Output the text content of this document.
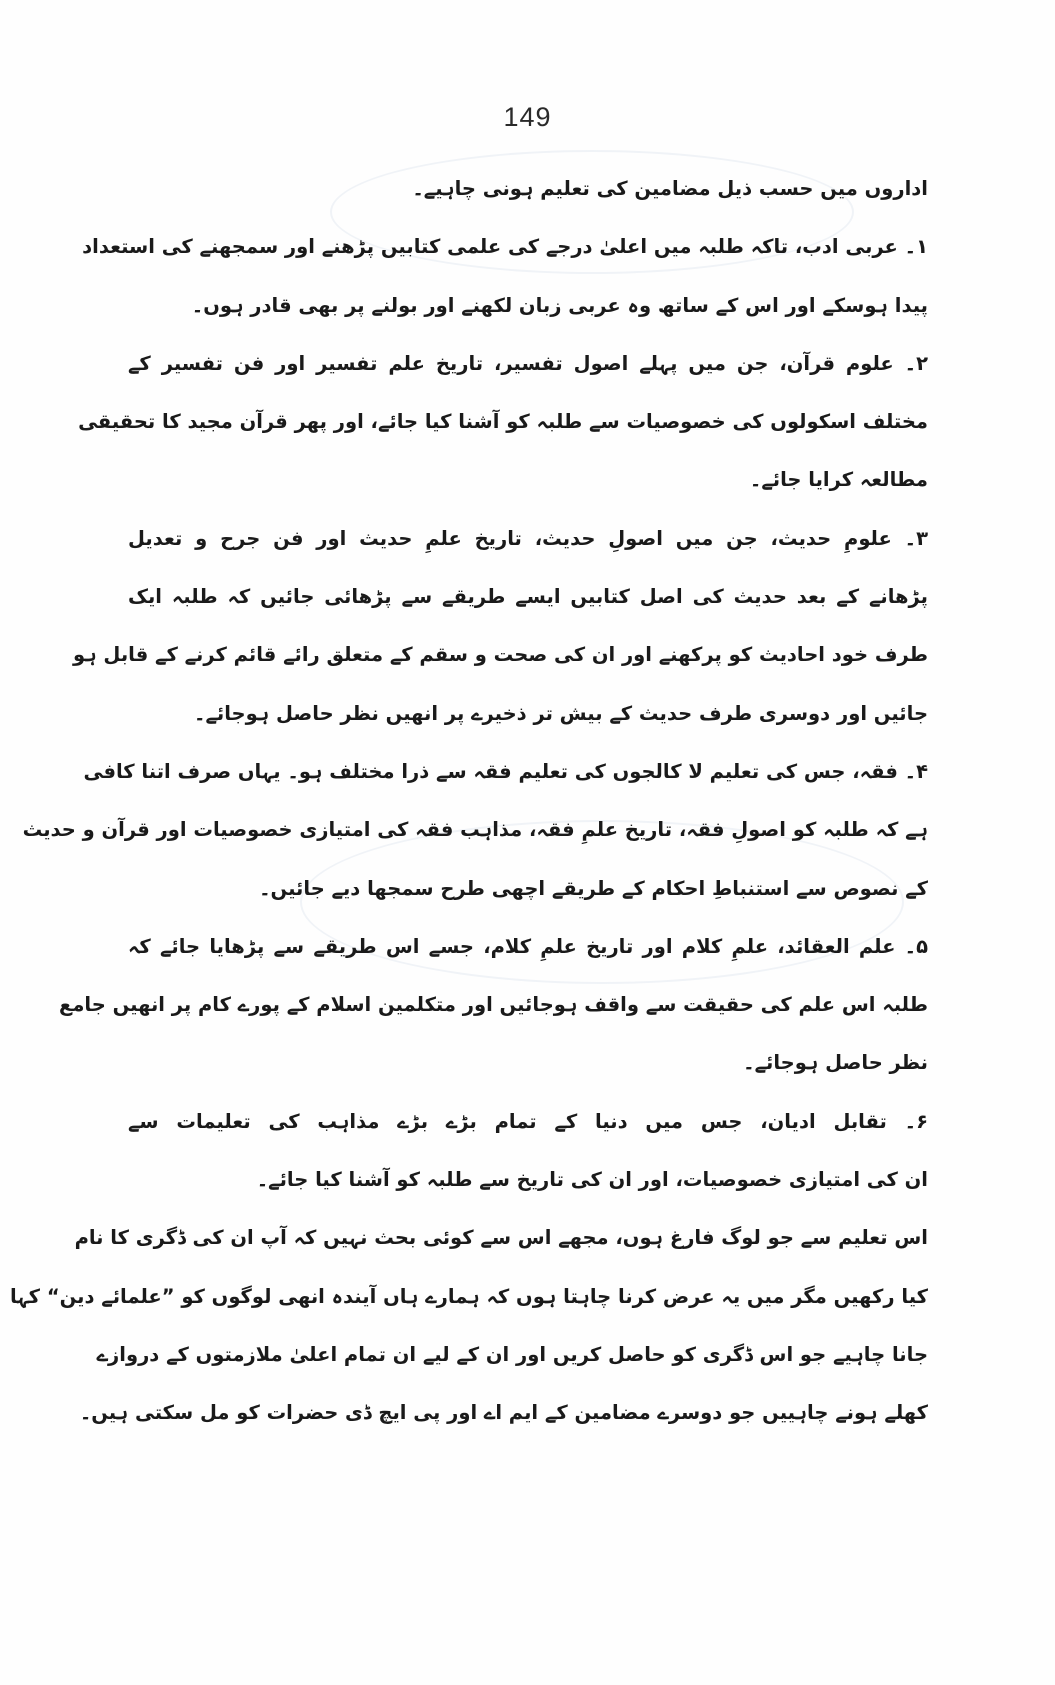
149
اداروں میں حسب ذیل مضامین کی تعلیم ہونی چاہیے۔
۱۔ عربی ادب، تاکہ طلبہ میں اعلیٰ درجے کی علمی کتابیں پڑھنے اور سمجھنے کی استعداد
پیدا ہوسکے اور اس کے ساتھ وہ عربی زبان لکھنے اور بولنے پر بھی قادر ہوں۔
۲۔ علوم قرآن، جن میں پہلے اصول تفسیر، تاریخ علم تفسیر اور فن تفسیر کے
مختلف اسکولوں کی خصوصیات سے طلبہ کو آشنا کیا جائے، اور پھر قرآن مجید کا تحقیقی
مطالعہ کرایا جائے۔
۳۔ علومِ حدیث، جن میں اصولِ حدیث، تاریخ علمِ حدیث اور فن جرح و تعدیل
پڑھانے کے بعد حدیث کی اصل کتابیں ایسے طریقے سے پڑھائی جائیں کہ طلبہ ایک
طرف خود احادیث کو پرکھنے اور ان کی صحت و سقم کے متعلق رائے قائم کرنے کے قابل ہو
جائیں اور دوسری طرف حدیث کے بیش تر ذخیرے پر انھیں نظر حاصل ہوجائے۔
۴۔ فقہ، جس کی تعلیم لا کالجوں کی تعلیم فقہ سے ذرا مختلف ہو۔ یہاں صرف اتنا کافی
ہے کہ طلبہ کو اصولِ فقہ، تاریخ علمِ فقہ، مذاہب فقہ کی امتیازی خصوصیات اور قرآن و حدیث
کے نصوص سے استنباطِ احکام کے طریقے اچھی طرح سمجھا دیے جائیں۔
۵۔ علم العقائد، علمِ کلام اور تاریخ علمِ کلام، جسے اس طریقے سے پڑھایا جائے کہ
طلبہ اس علم کی حقیقت سے واقف ہوجائیں اور متکلمین اسلام کے پورے کام پر انھیں جامع
نظر حاصل ہوجائے۔
۶۔ تقابل ادیان، جس میں دنیا کے تمام بڑے بڑے مذاہب کی تعلیمات سے
ان کی امتیازی خصوصیات، اور ان کی تاریخ سے طلبہ کو آشنا کیا جائے۔
اس تعلیم سے جو لوگ فارغ ہوں، مجھے اس سے کوئی بحث نہیں کہ آپ ان کی ڈگری کا نام
کیا رکھیں مگر میں یہ عرض کرنا چاہتا ہوں کہ ہمارے ہاں آیندہ انھی لوگوں کو ”علمائے دین“ کہا
جانا چاہیے جو اس ڈگری کو حاصل کریں اور ان کے لیے ان تمام اعلیٰ ملازمتوں کے دروازے
کھلے ہونے چاہییں جو دوسرے مضامین کے ایم اے اور پی ایچ ڈی حضرات کو مل سکتی ہیں۔
